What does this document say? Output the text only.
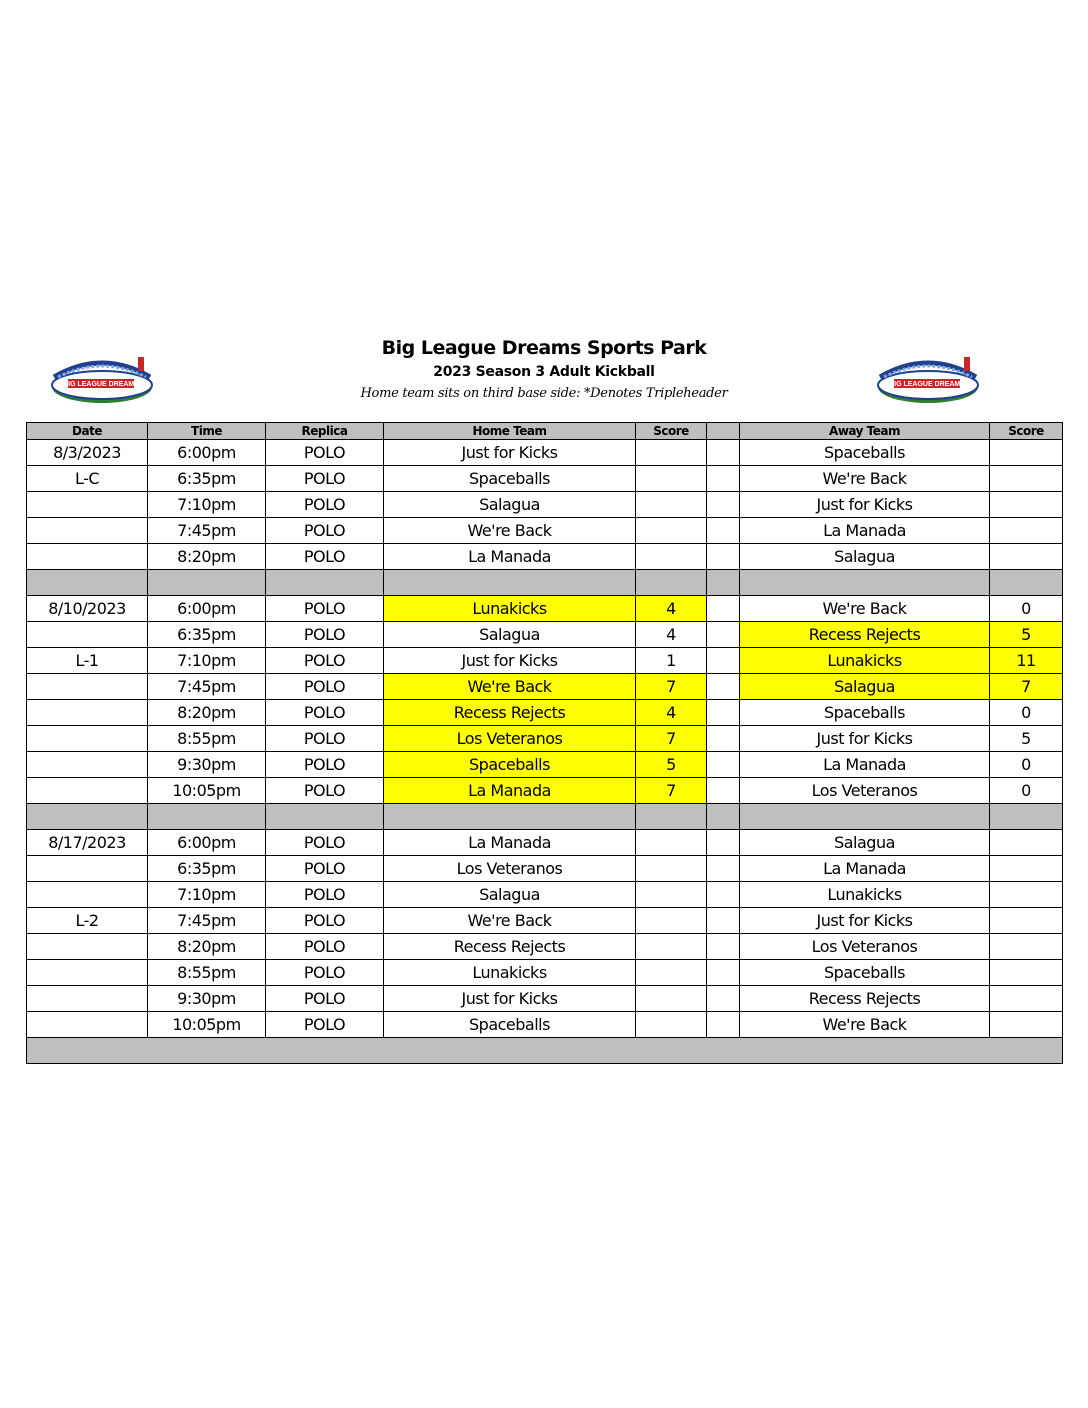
BIG LEAGUE DREAMS
Big League Dreams Sports Park
2023 Season 3 Adult Kickball
Home team sits on third base side: *Denotes Tripleheader
BIG LEAGUE DREAMS
Date	Time	Replica	Home Team	Score		Away Team	Score
8/3/2023	6:00pm	POLO	Just for Kicks			Spaceballs	
L-C	6:35pm	POLO	Spaceballs			We're Back	
	7:10pm	POLO	Salagua			Just for Kicks	
	7:45pm	POLO	We're Back			La Manada	
	8:20pm	POLO	La Manada			Salagua	

8/10/2023	6:00pm	POLO	Lunakicks	4		We're Back	0
	6:35pm	POLO	Salagua	4		Recess Rejects	5
L-1	7:10pm	POLO	Just for Kicks	1		Lunakicks	11
	7:45pm	POLO	We're Back	7		Salagua	7
	8:20pm	POLO	Recess Rejects	4		Spaceballs	0
	8:55pm	POLO	Los Veteranos	7		Just for Kicks	5
	9:30pm	POLO	Spaceballs	5		La Manada	0
	10:05pm	POLO	La Manada	7		Los Veteranos	0

8/17/2023	6:00pm	POLO	La Manada			Salagua	
	6:35pm	POLO	Los Veteranos			La Manada	
	7:10pm	POLO	Salagua			Lunakicks	
L-2	7:45pm	POLO	We're Back			Just for Kicks	
	8:20pm	POLO	Recess Rejects			Los Veteranos	
	8:55pm	POLO	Lunakicks			Spaceballs	
	9:30pm	POLO	Just for Kicks			Recess Rejects	
	10:05pm	POLO	Spaceballs			We're Back	
